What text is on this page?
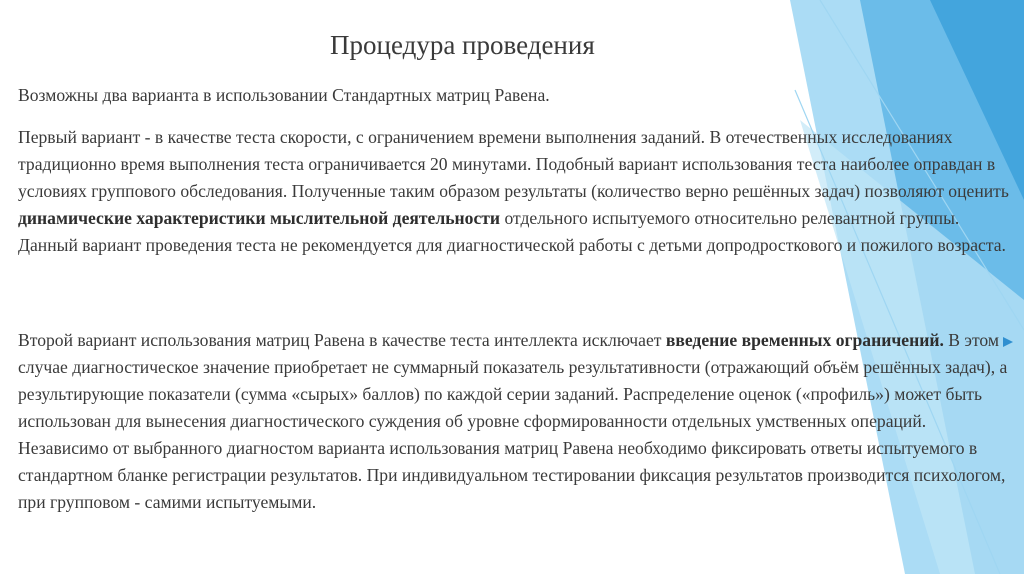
Процедура проведения

Возможны два варианта в использовании Стандартных матриц Равена.

Первый вариант - в качестве теста скорости, с ограничением времени выполнения заданий. В отечественных исследованиях традиционно время выполнения теста ограничивается 20 минутами. Подобный вариант использования теста наиболее оправдан в условиях группового обследования. Полученные таким образом результаты (количество верно решённых задач) позволяют оценить динамические характеристики мыслительной деятельности отдельного испытуемого относительно релевантной группы. Данный вариант проведения теста не рекомендуется для диагностической работы с детьми допродросткового и пожилого возраста.

Второй вариант использования матриц Равена в качестве теста интеллекта исключает введение временных ограничений. В этом случае диагностическое значение приобретает не суммарный показатель результативности (отражающий объём решённых задач), а результирующие показатели (сумма «сырых» баллов) по каждой серии заданий. Распределение оценок («профиль») может быть использован для вынесения диагностического суждения об уровне сформированности отдельных умственных операций. Независимо от выбранного диагностом варианта использования матриц Равена необходимо фиксировать ответы испытуемого в стандартном бланке регистрации результатов. При индивидуальном тестировании фиксация результатов производится психологом, при групповом - самими испытуемыми.
